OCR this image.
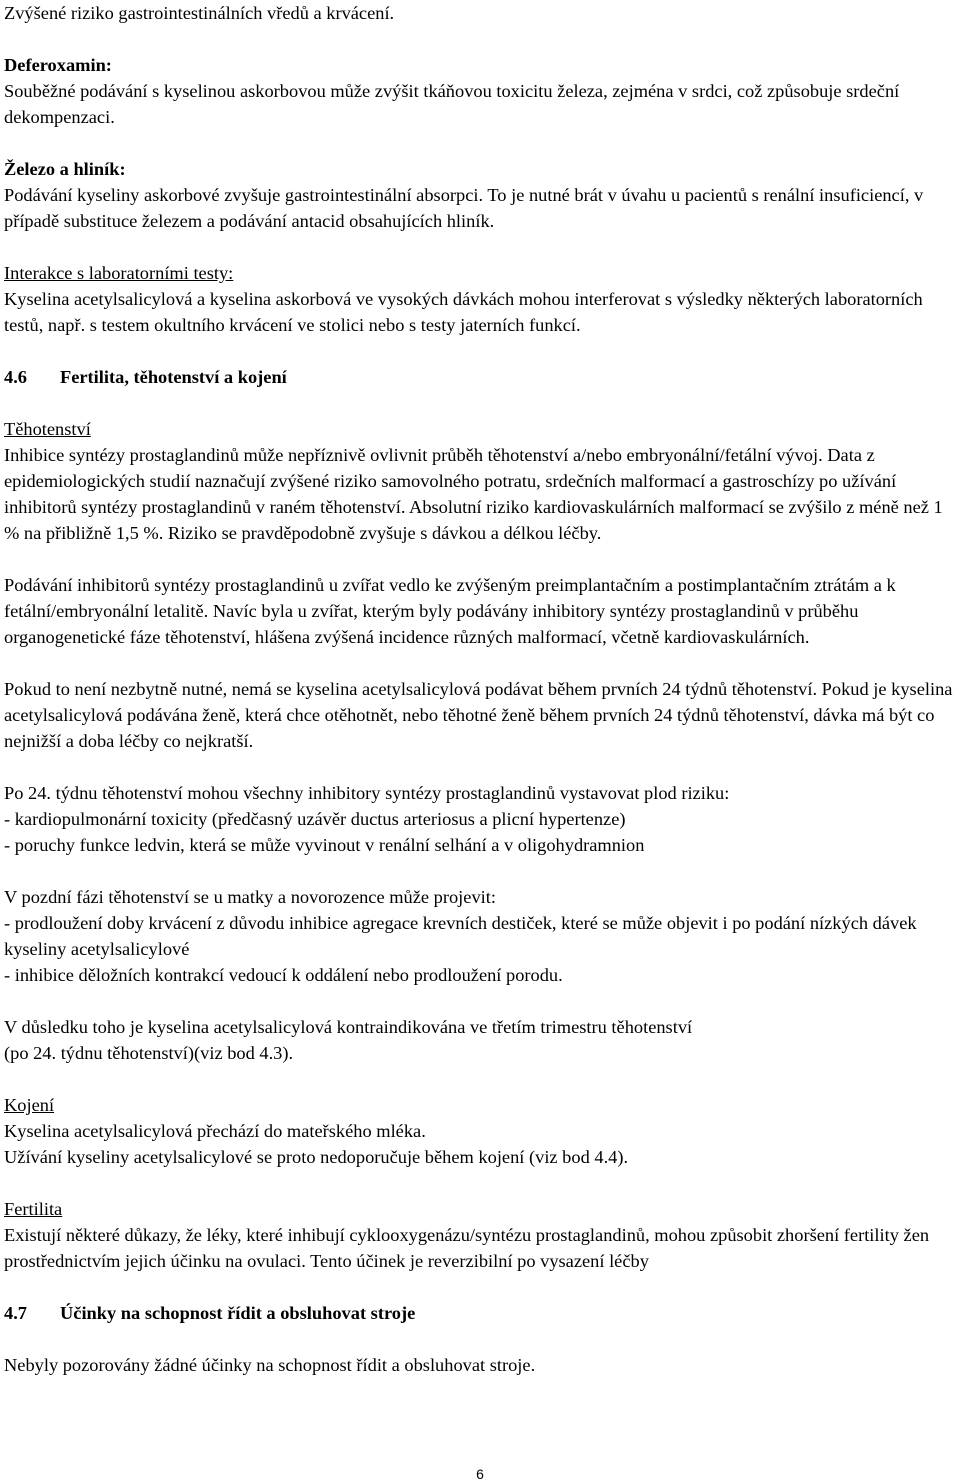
Zvýšené riziko gastrointestinálních vředů a krvácení.

Deferoxamin:

Souběžné podávání s kyselinou askorbovou může zvýšit tkáňovou toxicitu železa, zejména v srdci, což způsobuje srdeční dekompenzaci.

Železo a hliník:

Podávání kyseliny askorbové zvyšuje gastrointestinální absorpci. To je nutné brát v úvahu u pacientů s renální insuficiencí, v případě substituce železem a podávání antacid obsahujících hliník.

Interakce s laboratorními testy:

Kyselina acetylsalicylová a kyselina askorbová ve vysokých dávkách mohou interferovat s výsledky některých laboratorních testů, např. s testem okultního krvácení ve stolici nebo s testy jaterních funkcí.

4.6	Fertilita, těhotenství a kojení

Těhotenství

Inhibice syntézy prostaglandinů může nepříznivě ovlivnit průběh těhotenství a/nebo embryonální/fetální vývoj. Data z epidemiologických studií naznačují zvýšené riziko samovolného potratu, srdečních malformací a gastroschízy po užívání inhibitorů syntézy prostaglandinů v raném těhotenství. Absolutní riziko kardiovaskulárních malformací se zvýšilo z méně než 1 % na přibližně 1,5 %. Riziko se pravděpodobně zvyšuje s dávkou a délkou léčby.

Podávání inhibitorů syntézy prostaglandinů u zvířat vedlo ke zvýšeným preimplantačním a postimplantačním ztrátám a k fetální/embryonální letalitě. Navíc byla u zvířat, kterým byly podávány inhibitory syntézy prostaglandinů v průběhu organogenetické fáze těhotenství, hlášena zvýšená incidence různých malformací, včetně kardiovaskulárních.

Pokud to není nezbytně nutné, nemá se kyselina acetylsalicylová podávat během prvních 24 týdnů těhotenství. Pokud je kyselina acetylsalicylová podávána ženě, která chce otěhotnět, nebo těhotné ženě během prvních 24 týdnů těhotenství, dávka má být co nejnižší a doba léčby co nejkratší.

Po 24. týdnu těhotenství mohou všechny inhibitory syntézy prostaglandinů vystavovat plod riziku:

- kardiopulmonární toxicity (předčasný uzávěr ductus arteriosus a plicní hypertenze)

- poruchy funkce ledvin, která se může vyvinout v renální selhání a v oligohydramnion

V pozdní fázi těhotenství se u matky a novorozence může projevit:

- prodloužení doby krvácení z důvodu inhibice agregace krevních destiček, které se může objevit i po podání nízkých dávek kyseliny acetylsalicylové

- inhibice děložních kontrakcí vedoucí k oddálení nebo prodloužení porodu.

V důsledku toho je kyselina acetylsalicylová kontraindikována ve třetím trimestru těhotenství

(po 24. týdnu těhotenství)(viz bod 4.3).

Kojení

Kyselina acetylsalicylová přechází do mateřského mléka.

Užívání kyseliny acetylsalicylové se proto nedoporučuje během kojení (viz bod 4.4).

Fertilita

Existují některé důkazy, že léky, které inhibují cyklooxygenázu/syntézu prostaglandinů, mohou způsobit zhoršení fertility žen prostřednictvím jejich účinku na ovulaci. Tento účinek je reverzibilní po vysazení léčby

4.7	Účinky na schopnost řídit a obsluhovat stroje

Nebyly pozorovány žádné účinky na schopnost řídit a obsluhovat stroje.

6
